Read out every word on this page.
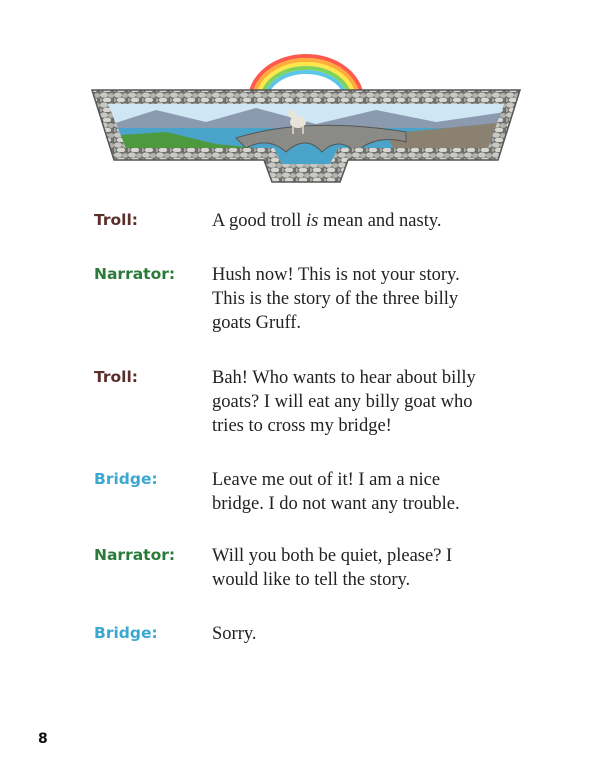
Troll:	A good troll is mean and nasty.
Narrator: Hush now! This is not your story.
This is the story of the three billy
goats Gruff.
Troll:	Bah! Who wants to hear about billy
goats? I will eat any billy goat who
tries to cross my bridge!
Bridge:	Leave me out of it! I am a nice
bridge. I do not want any trouble.
Narrator: Will you both be quiet, please? I
would like to tell the story.
Bridge:	Sorry.
8
